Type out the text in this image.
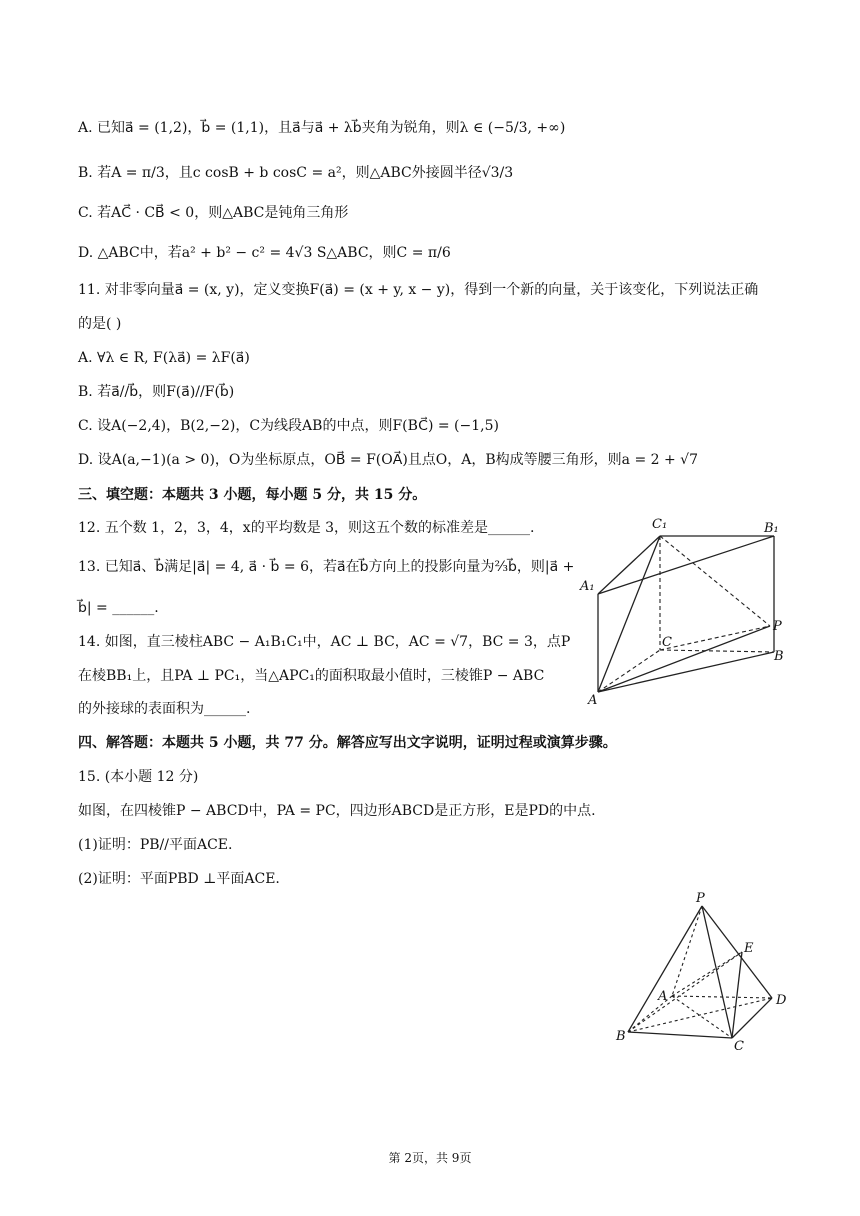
A. 已知a⃗ = (1,2)，b⃗ = (1,1)，且a⃗与a⃗ + λb⃗夹角为锐角，则λ ∈ (−5/3, +∞)
B. 若A = π/3，且c cosB + b cosC = a²，则△ABC外接圆半径√3/3
C. 若AC⃗ · CB⃗ < 0，则△ABC是钝角三角形
D. △ABC中，若a² + b² − c² = 4√3 S△ABC，则C = π/6
11. 对非零向量a⃗ = (x, y)，定义变换F(a⃗) = (x + y, x − y)，得到一个新的向量，关于该变化，下列说法正确
的是( )
A. ∀λ ∈ R, F(λa⃗) = λF(a⃗)
B. 若a⃗//b⃗，则F(a⃗)//F(b⃗)
C. 设A(−2,4)，B(2,−2)，C为线段AB的中点，则F(BC⃗) = (−1,5)
D. 设A(a,−1)(a > 0)，O为坐标原点，OB⃗ = F(OA⃗)且点O，A，B构成等腰三角形，则a = 2 + √7
三、填空题：本题共 3 小题，每小题 5 分，共 15 分。
12. 五个数 1，2，3，4，x的平均数是 3，则这五个数的标准差是______.
13. 已知a⃗、b⃗满足|a⃗| = 4, a⃗ · b⃗ = 6，若a⃗在b⃗方向上的投影向量为⅔b⃗，则|a⃗ +
b⃗| = ______.
14. 如图，直三棱柱ABC − A₁B₁C₁中，AC ⊥ BC，AC = √7，BC = 3，点P
在棱BB₁上，且PA ⊥ PC₁，当△APC₁的面积取最小值时，三棱锥P − ABC
的外接球的表面积为______.
四、解答题：本题共 5 小题，共 77 分。解答应写出文字说明，证明过程或演算步骤。
15. (本小题 12 分)
如图，在四棱锥P − ABCD中，PA = PC，四边形ABCD是正方形，E是PD的中点.
(1)证明：PB//平面ACE.
(2)证明：平面PBD ⊥平面ACE.
C₁	B₁
A₁
P
C
B
A
P
E
A	D
B
C
第 2页，共 9页
